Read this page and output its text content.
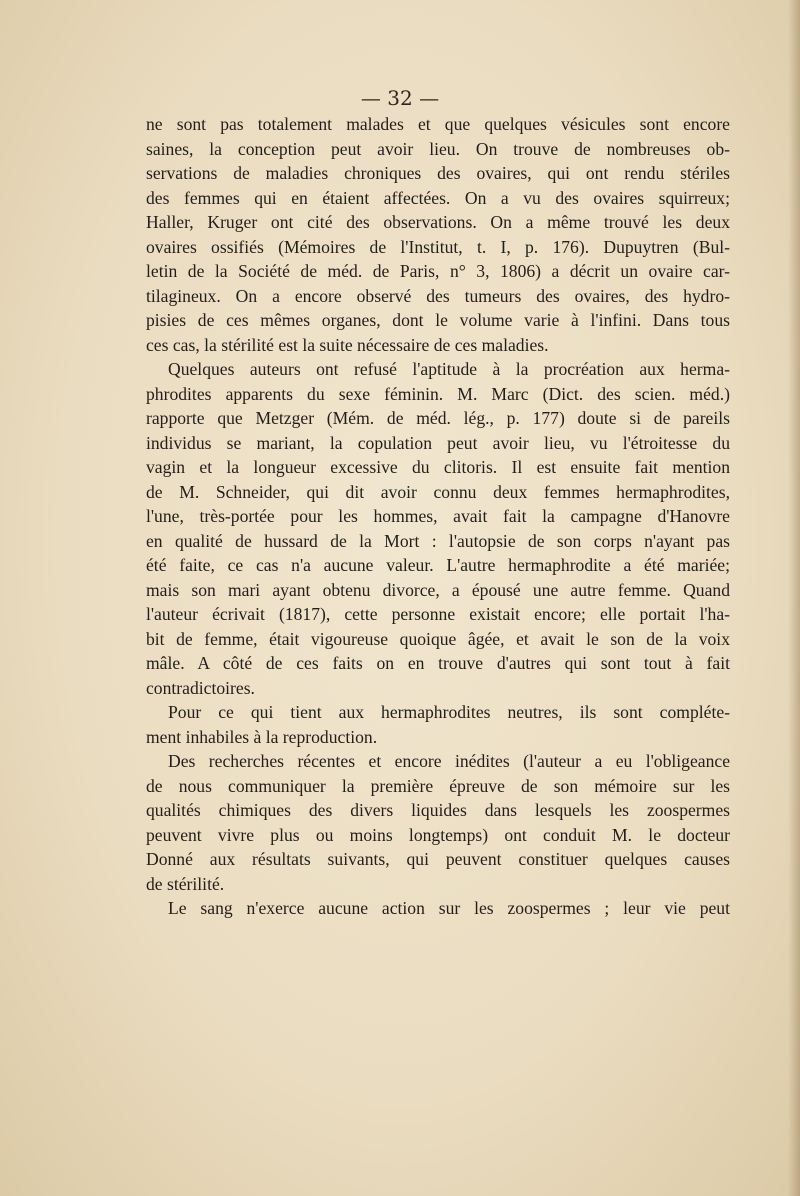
— 32 —
ne sont pas totalement malades et que quelques vésicules sont encore
saines, la conception peut avoir lieu. On trouve de nombreuses ob-
servations de maladies chroniques des ovaires, qui ont rendu stériles
des femmes qui en étaient affectées. On a vu des ovaires squirreux;
Haller, Kruger ont cité des observations. On a même trouvé les deux
ovaires ossifiés (Mémoires de l'Institut, t. I, p. 176). Dupuytren (Bul-
letin de la Société de méd. de Paris, n° 3, 1806) a décrit un ovaire car-
tilagineux. On a encore observé des tumeurs des ovaires, des hydro-
pisies de ces mêmes organes, dont le volume varie à l'infini. Dans tous
ces cas, la stérilité est la suite nécessaire de ces maladies.
Quelques auteurs ont refusé l'aptitude à la procréation aux herma-
phrodites apparents du sexe féminin. M. Marc (Dict. des scien. méd.)
rapporte que Metzger (Mém. de méd. lég., p. 177) doute si de pareils
individus se mariant, la copulation peut avoir lieu, vu l'étroitesse du
vagin et la longueur excessive du clitoris. Il est ensuite fait mention
de M. Schneider, qui dit avoir connu deux femmes hermaphrodites,
l'une, très-portée pour les hommes, avait fait la campagne d'Hanovre
en qualité de hussard de la Mort : l'autopsie de son corps n'ayant pas
été faite, ce cas n'a aucune valeur. L'autre hermaphrodite a été mariée;
mais son mari ayant obtenu divorce, a épousé une autre femme. Quand
l'auteur écrivait (1817), cette personne existait encore; elle portait l'ha-
bit de femme, était vigoureuse quoique âgée, et avait le son de la voix
mâle. A côté de ces faits on en trouve d'autres qui sont tout à fait
contradictoires.
Pour ce qui tient aux hermaphrodites neutres, ils sont compléte-
ment inhabiles à la reproduction.
Des recherches récentes et encore inédites (l'auteur a eu l'obligeance
de nous communiquer la première épreuve de son mémoire sur les
qualités chimiques des divers liquides dans lesquels les zoospermes
peuvent vivre plus ou moins longtemps) ont conduit M. le docteur
Donné aux résultats suivants, qui peuvent constituer quelques causes
de stérilité.
Le sang n'exerce aucune action sur les zoospermes ; leur vie peut
